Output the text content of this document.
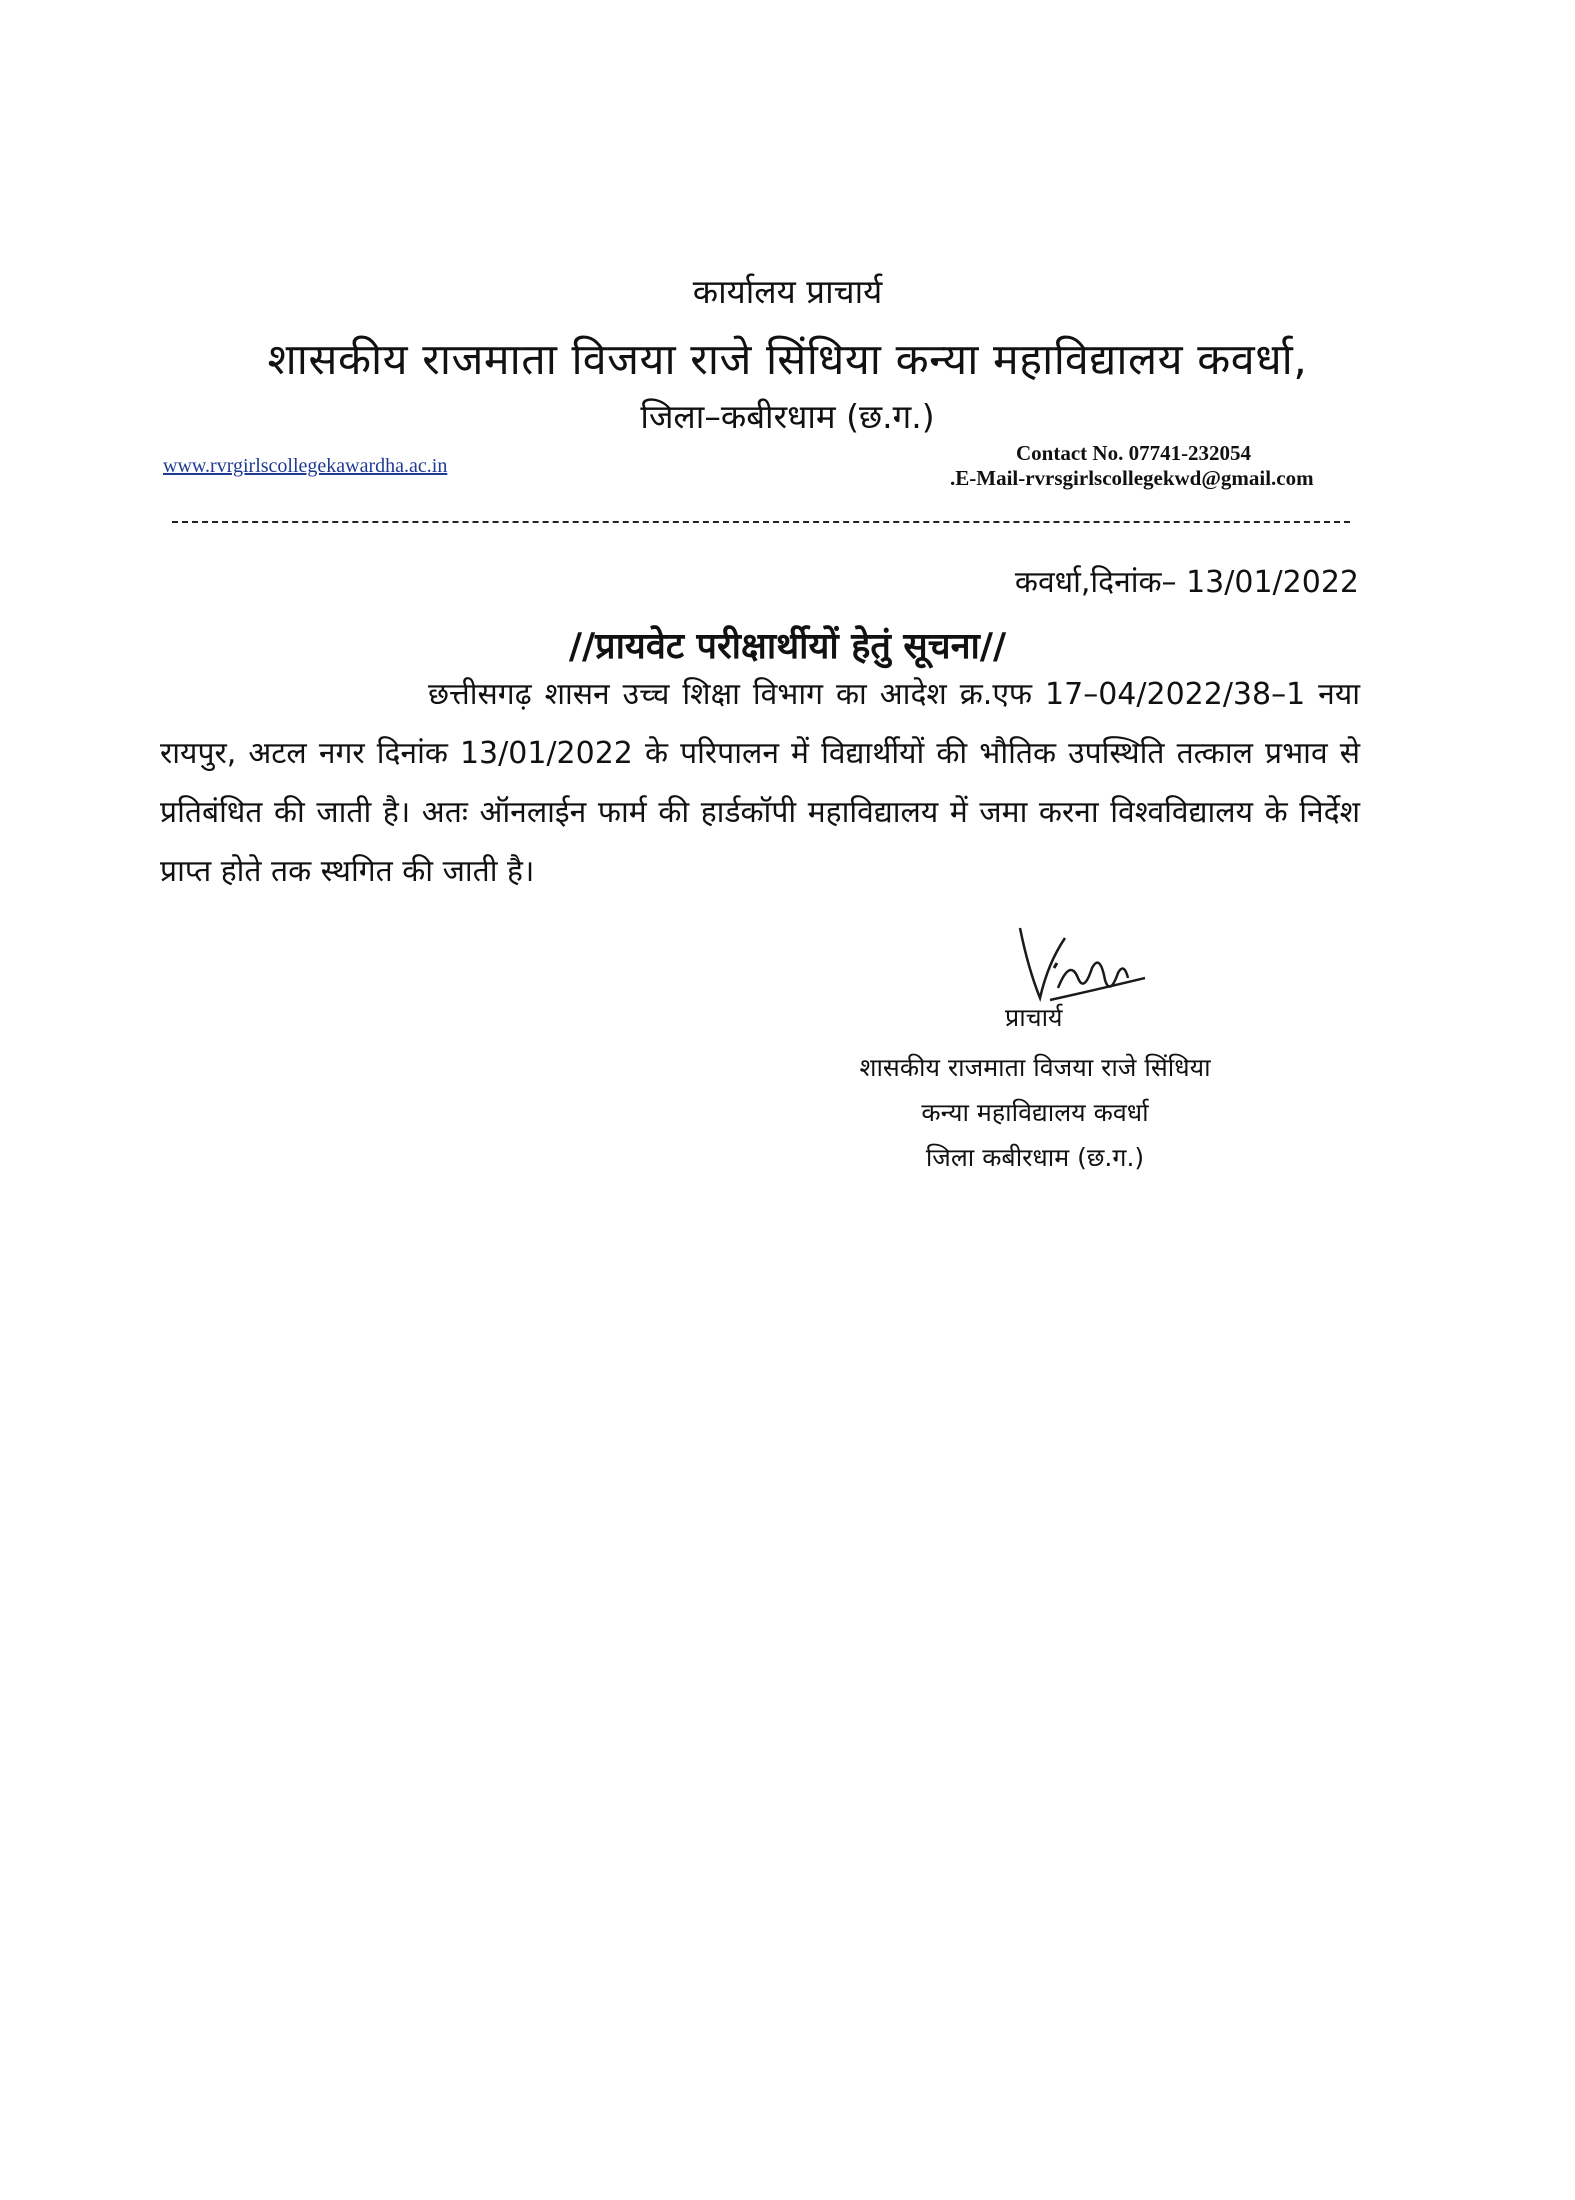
कार्यालय प्राचार्य
शासकीय राजमाता विजया राजे सिंधिया कन्या महाविद्यालय कवर्धा,
जिला–कबीरधाम (छ.ग.)
www.rvrgirlscollegekawardha.ac.in
Contact No. 07741-232054
.E-Mail-rvrsgirlscollegekwd@gmail.com
कवर्धा,दिनांक– 13/01/2022
//प्रायवेट परीक्षार्थीयों हेतुं सूचना//
छत्तीसगढ़ शासन उच्च शिक्षा विभाग का आदेश क्र.एफ 17–04/2022/38–1 नया रायपुर, अटल नगर दिनांक 13/01/2022 के परिपालन में विद्यार्थीयों की भौतिक उपस्थिति तत्काल प्रभाव से प्रतिबंधित की जाती है। अतः ऑनलाईन फार्म की हार्डकॉपी महाविद्यालय में जमा करना विश्वविद्यालय के निर्देश प्राप्त होते तक स्थगित की जाती है।
प्राचार्य
शासकीय राजमाता विजया राजे सिंधिया
कन्या महाविद्यालय कवर्धा
जिला कबीरधाम (छ.ग.)
